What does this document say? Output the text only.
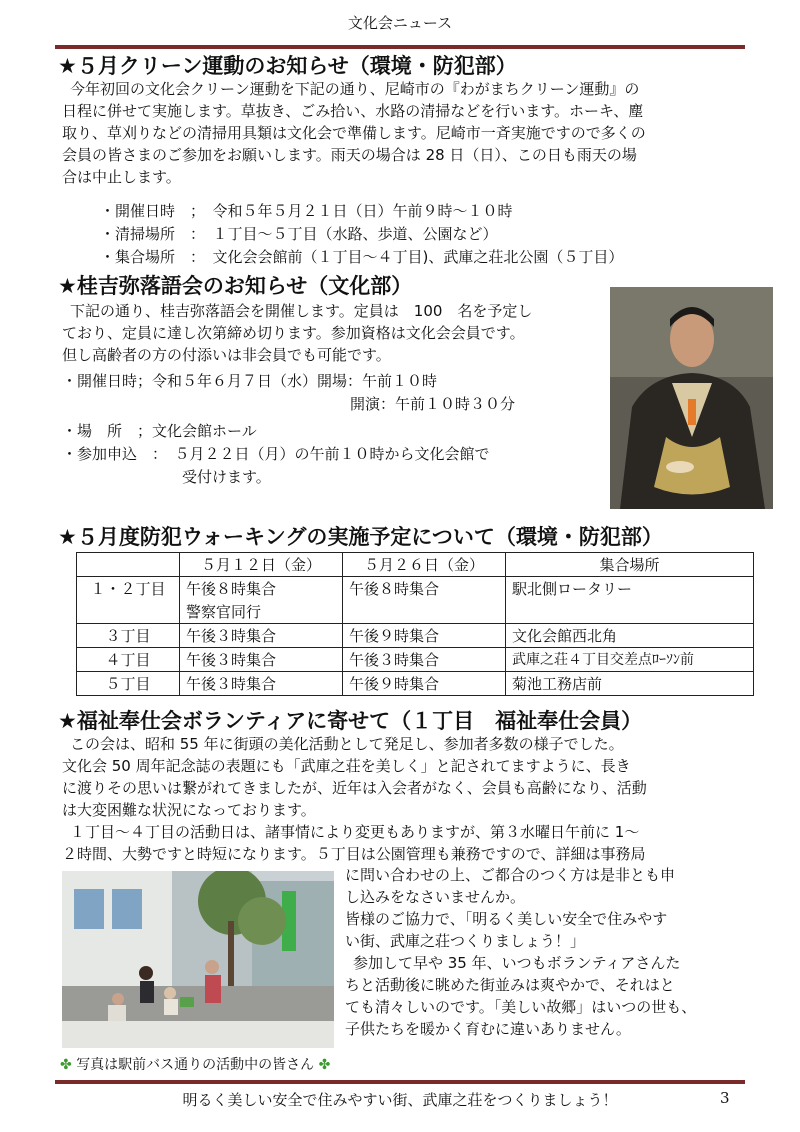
文化会ニュース
★５月クリーン運動のお知らせ（環境・防犯部）
今年初回の文化会クリーン運動を下記の通り、尼崎市の『わがまちクリーン運動』の
日程に併せて実施します。草抜き、ごみ拾い、水路の清掃などを行います。ホーキ、塵
取り、草刈りなどの清掃用具類は文化会で準備します。尼崎市一斉実施ですので多くの
会員の皆さまのご参加をお願いします。雨天の場合は 28 日（日）、この日も雨天の場
合は中止します。
・開催日時　；　令和５年５月２１日（日）午前９時～１０時
・清掃場所　：　１丁目～５丁目（水路、歩道、公園など）
・集合場所　：　文化会会館前（１丁目～４丁目)、武庫之荘北公園（５丁目）
★桂吉弥落語会のお知らせ（文化部）
下記の通り、桂吉弥落語会を開催します。定員は　100　名を予定し
ており、定員に達し次第締め切ります。参加資格は文化会会員です。
但し高齢者の方の付添いは非会員でも可能です。
・開催日時；令和５年６月７日（水）開場：午前１０時
開演：午前１０時３０分
・場　所　；文化会館ホール
・参加申込　：　５月２２日（月）の午前１０時から文化会館で
受付けます。
★５月度防犯ウォーキングの実施予定について（環境・防犯部）
	５月１２日（金）	５月２６日（金）	集合場所
１・２丁目	午後８時集合	午後８時集合	駅北側ロータリー
	警察官同行		
３丁目	午後３時集合	午後９時集合	文化会館西北角
４丁目	午後３時集合	午後３時集合	武庫之荘４丁目交差点ﾛｰｿﾝ前
５丁目	午後３時集合	午後９時集合	菊池工務店前
★福祉奉仕会ボランティアに寄せて（１丁目　福祉奉仕会員）
この会は、昭和 55 年に街頭の美化活動として発足し、参加者多数の様子でした。
文化会 50 周年記念誌の表題にも「武庫之荘を美しく」と記されてますように、長き
に渡りその思いは繋がれてきましたが、近年は入会者がなく、会員も高齢になり、活動
は大変困難な状況になっております。
１丁目～４丁目の活動日は、諸事情により変更もありますが、第３水曜日午前に 1～
２時間、大勢ですと時短になります。５丁目は公園管理も兼務ですので、詳細は事務局
に問い合わせの上、ご都合のつく方は是非とも申
し込みをなさいませんか。
皆様のご協力で、「明るく美しい安全で住みやす
い街、武庫之荘つくりましょう！」
参加して早や 35 年、いつもボランティアさんた
ちと活動後に眺めた街並みは爽やかで、それはと
ても清々しいのです。「美しい故郷」はいつの世も、
子供たちを暖かく育むに違いありません。
✤ 写真は駅前バス通りの活動中の皆さん ✤
明るく美しい安全で住みやすい街、武庫之荘をつくりましょう！	3
